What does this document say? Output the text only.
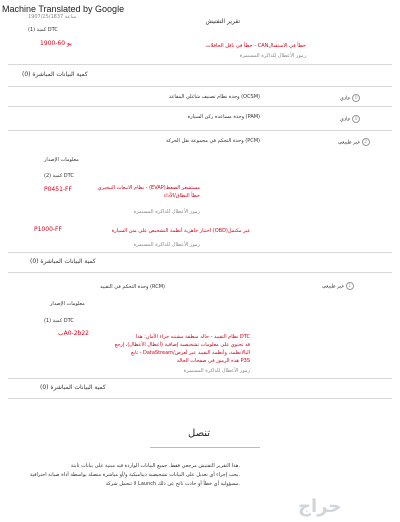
Machine Translated by Google
ساعة 1907/25/1837
تقرير التفتيش
كمية (1) DTC
1900-60 يو	خطأ في ناقل الحافلات - CANخطأ في الاستقبال
رموز الأعطال للذاكرة المستمرة
كمية البيانات المباشرة (0)
وحدة نظام تصنيف شاغلي المقاعد (OCSM)	عادي 0
وحدة مساعدة ركن السيارة (PAM)	عادي 0
وحدة التحكم في مجموعة نقل الحركة (PCM)	غير طبيعي 2
معلومات الإصدار
كمية (2) DTC
P0451-FF	نظام الانبعاث التبخيري - (EVAP)مستشعر الضغط
خطأ النطاق/الأداء
رموز الأعطال للذاكرة المستمرة
P1000-FF	اختبار جاهزية أنظمة التشخيص على متن السيارة (OBD)غير مكتمل
رموز الأعطال للذاكرة المستمرة
كمية البيانات المباشرة (0)
وحدة التحكم في التقييد (RCM)	غير طبيعي 1
معلومات الإصدار
كمية (1) DTC
بA0-2b22	نظام التقييد - حالة منطقة مشتبه جزاء الأمان: هذا DTC
قد تحتوي على معلومات تشخيصية إضافية (أعطال الأعطال)، إرجع
تابع - DataStream/البالانظمة، وأنظمة التقييد عبر لعرض
هذه الرموز في صفحات الحالة P3S
رموز الأعطال للذاكرة المستمرة
كمية البيانات المباشرة (0)
تنصل
هذا التقرير التفتيش مرجعي فقط. جميع البيانات الواردة فيه مبنية على بيانات ثابتة.
يجب إجراء أي تعديل على البيانات تشخيصية ديناميكية و/أو مباشرة متصلة بواسطة أداة صيانة احترافية.
لا تتحمل شركة Launch مسؤولية أي خطأ أو حادث ناتج عن ذلك.
حراج
